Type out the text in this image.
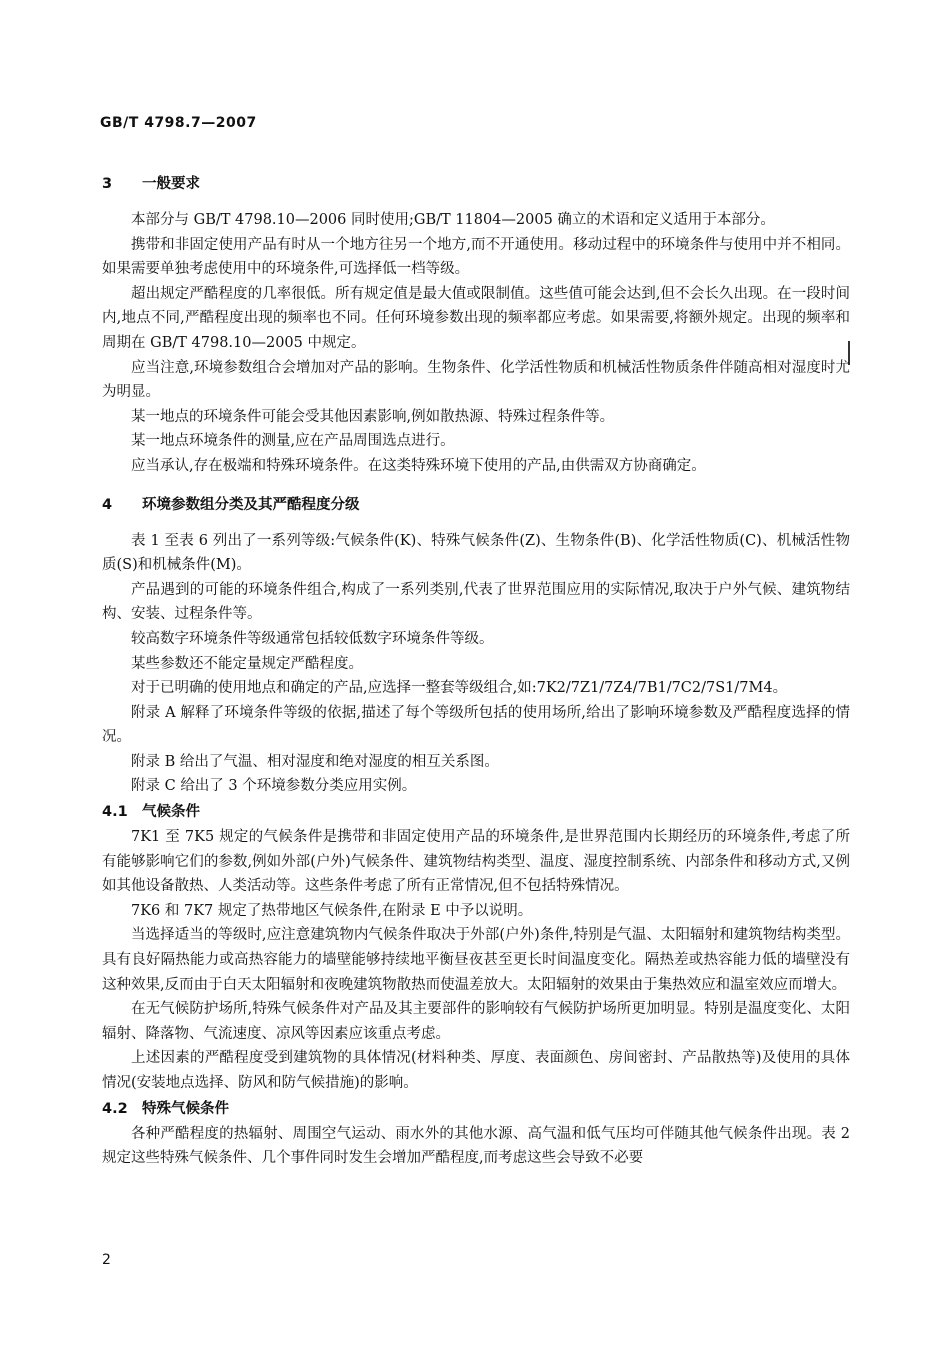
GB/T 4798.7—2007
3 一般要求

本部分与 GB/T 4798.10—2006 同时使用;GB/T 11804—2005 确立的术语和定义适用于本部分。

携带和非固定使用产品有时从一个地方往另一个地方,而不开通使用。移动过程中的环境条件与使用中并不相同。如果需要单独考虑使用中的环境条件,可选择低一档等级。

超出规定严酷程度的几率很低。所有规定值是最大值或限制值。这些值可能会达到,但不会长久出现。在一段时间内,地点不同,严酷程度出现的频率也不同。任何环境参数出现的频率都应考虑。如果需要,将额外规定。出现的频率和周期在 GB/T 4798.10—2005 中规定。

应当注意,环境参数组合会增加对产品的影响。生物条件、化学活性物质和机械活性物质条件伴随高相对湿度时尤为明显。

某一地点的环境条件可能会受其他因素影响,例如散热源、特殊过程条件等。

某一地点环境条件的测量,应在产品周围选点进行。

应当承认,存在极端和特殊环境条件。在这类特殊环境下使用的产品,由供需双方协商确定。

4 环境参数组分类及其严酷程度分级

表 1 至表 6 列出了一系列等级:气候条件(K)、特殊气候条件(Z)、生物条件(B)、化学活性物质(C)、机械活性物质(S)和机械条件(M)。

产品遇到的可能的环境条件组合,构成了一系列类别,代表了世界范围应用的实际情况,取决于户外气候、建筑物结构、安装、过程条件等。

较高数字环境条件等级通常包括较低数字环境条件等级。

某些参数还不能定量规定严酷程度。

对于已明确的使用地点和确定的产品,应选择一整套等级组合,如:7K2/7Z1/7Z4/7B1/7C2/7S1/7M4。

附录 A 解释了环境条件等级的依据,描述了每个等级所包括的使用场所,给出了影响环境参数及严酷程度选择的情况。

附录 B 给出了气温、相对湿度和绝对湿度的相互关系图。

附录 C 给出了 3 个环境参数分类应用实例。

4.1 气候条件

7K1 至 7K5 规定的气候条件是携带和非固定使用产品的环境条件,是世界范围内长期经历的环境条件,考虑了所有能够影响它们的参数,例如外部(户外)气候条件、建筑物结构类型、温度、湿度控制系统、内部条件和移动方式,又例如其他设备散热、人类活动等。这些条件考虑了所有正常情况,但不包括特殊情况。

7K6 和 7K7 规定了热带地区气候条件,在附录 E 中予以说明。

当选择适当的等级时,应注意建筑物内气候条件取决于外部(户外)条件,特别是气温、太阳辐射和建筑物结构类型。具有良好隔热能力或高热容能力的墙壁能够持续地平衡昼夜甚至更长时间温度变化。隔热差或热容能力低的墙壁没有这种效果,反而由于白天太阳辐射和夜晚建筑物散热而使温差放大。太阳辐射的效果由于集热效应和温室效应而增大。

在无气候防护场所,特殊气候条件对产品及其主要部件的影响较有气候防护场所更加明显。特别是温度变化、太阳辐射、降落物、气流速度、凉风等因素应该重点考虑。

上述因素的严酷程度受到建筑物的具体情况(材料种类、厚度、表面颜色、房间密封、产品散热等)及使用的具体情况(安装地点选择、防风和防气候措施)的影响。

4.2 特殊气候条件

各种严酷程度的热辐射、周围空气运动、雨水外的其他水源、高气温和低气压均可伴随其他气候条件出现。表 2 规定这些特殊气候条件、几个事件同时发生会增加严酷程度,而考虑这些会导致不必要

2
